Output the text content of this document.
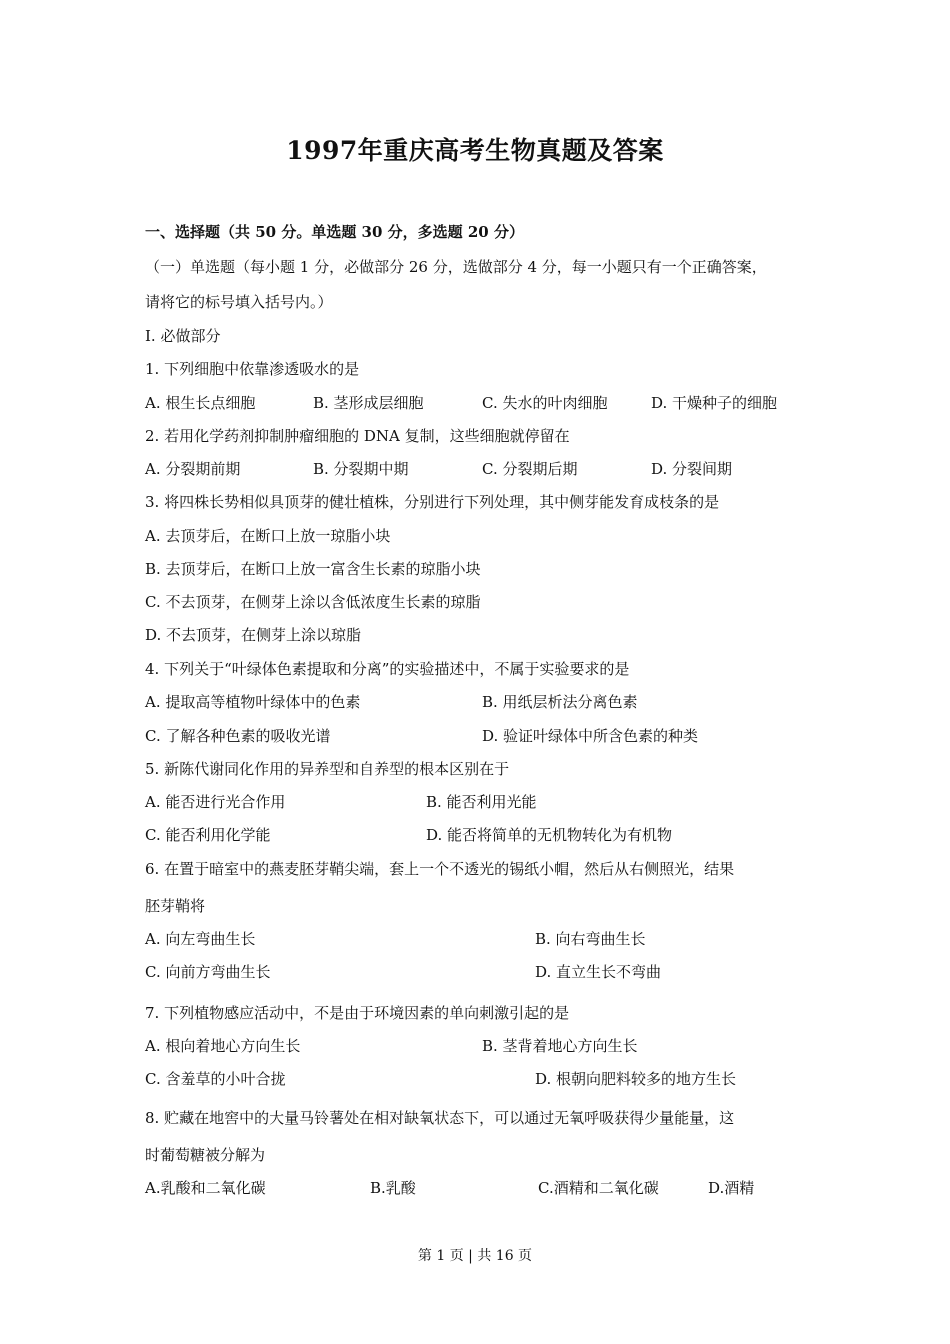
1997年重庆高考生物真题及答案
一、选择题（共 50 分。单选题 30 分，多选题 20 分）
（一）单选题（每小题 1 分，必做部分 26 分，选做部分 4 分，每一小题只有一个正确答案，
请将它的标号填入括号内。）
I. 必做部分
1. 下列细胞中依靠渗透吸水的是
A. 根生长点细胞	B. 茎形成层细胞	C. 失水的叶肉细胞	D. 干燥种子的细胞
2. 若用化学药剂抑制肿瘤细胞的 DNA 复制，这些细胞就停留在
A. 分裂期前期	B. 分裂期中期	C. 分裂期后期	D. 分裂间期
3. 将四株长势相似具顶芽的健壮植株，分别进行下列处理，其中侧芽能发育成枝条的是
A. 去顶芽后，在断口上放一琼脂小块
B. 去顶芽后，在断口上放一富含生长素的琼脂小块
C. 不去顶芽，在侧芽上涂以含低浓度生长素的琼脂
D. 不去顶芽，在侧芽上涂以琼脂
4. 下列关于“叶绿体色素提取和分离”的实验描述中，不属于实验要求的是
A. 提取高等植物叶绿体中的色素	B. 用纸层析法分离色素
C. 了解各种色素的吸收光谱	D. 验证叶绿体中所含色素的种类
5. 新陈代谢同化作用的异养型和自养型的根本区别在于
A. 能否进行光合作用	B. 能否利用光能
C. 能否利用化学能	D. 能否将简单的无机物转化为有机物
6. 在置于暗室中的燕麦胚芽鞘尖端，套上一个不透光的锡纸小帽，然后从右侧照光，结果
胚芽鞘将
A. 向左弯曲生长	B. 向右弯曲生长
C. 向前方弯曲生长	D. 直立生长不弯曲
7. 下列植物感应活动中，不是由于环境因素的单向刺激引起的是
A. 根向着地心方向生长	B. 茎背着地心方向生长
C. 含羞草的小叶合拢	D. 根朝向肥料较多的地方生长
8. 贮藏在地窖中的大量马铃薯处在相对缺氧状态下，可以通过无氧呼吸获得少量能量，这
时葡萄糖被分解为
A.乳酸和二氧化碳	B.乳酸	C.酒精和二氧化碳	D.酒精
第 1 页 | 共 16 页
